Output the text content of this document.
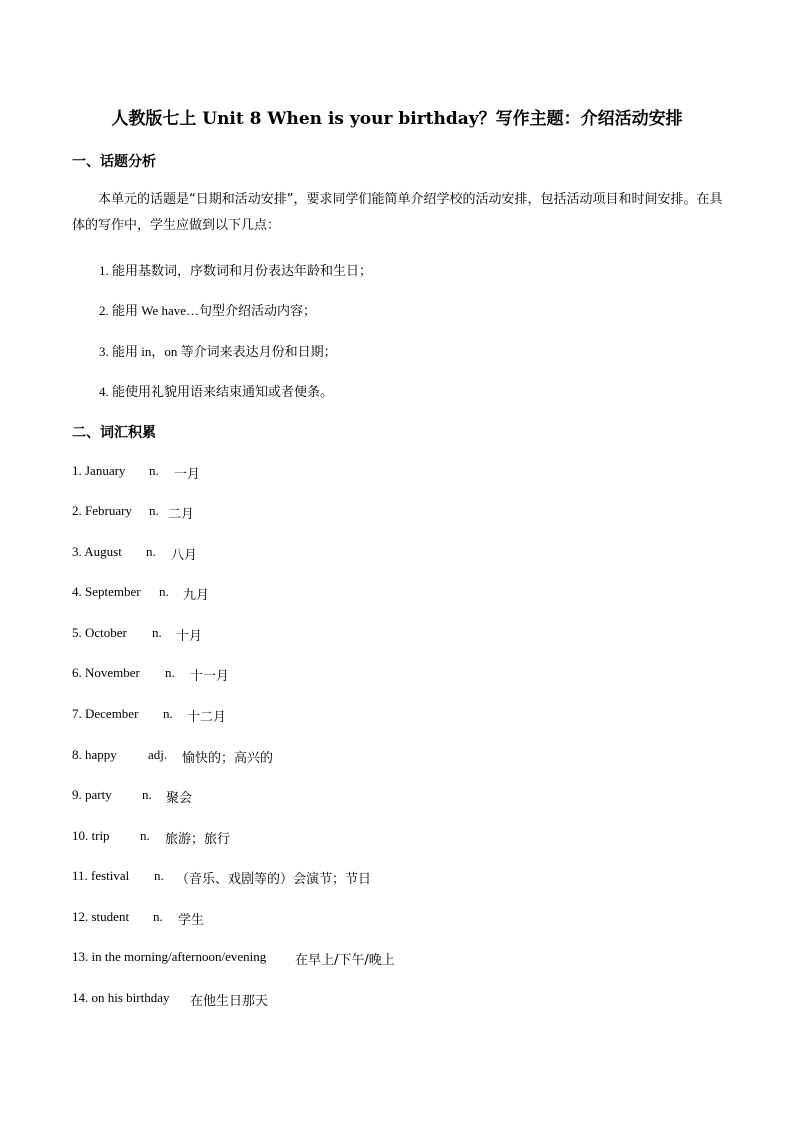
人教版七上 Unit 8 When is your birthday？写作主题：介绍活动安排
一、话题分析
本单元的话题是“日期和活动安排”，要求同学们能简单介绍学校的活动安排，包括活动项目和时间安排。在具体的写作中，学生应做到以下几点：
1. 能用基数词，序数词和月份表达年龄和生日；
2. 能用 We have…句型介绍活动内容；
3. 能用 in，on 等介词来表达月份和日期；
4. 能使用礼貌用语来结束通知或者便条。
二、词汇积累
1. January n. 一月
2. February n. 二月
3. August n. 八月
4. September n. 九月
5. October n. 十月
6. November n. 十一月
7. December n. 十二月
8. happy adj. 愉快的；高兴的
9. party n. 聚会
10. trip n. 旅游；旅行
11. festival n. （音乐、戏剧等的）会演节；节日
12. student n. 学生
13. in the morning/afternoon/evening 在早上/下午/晚上
14. on his birthday 在他生日那天
